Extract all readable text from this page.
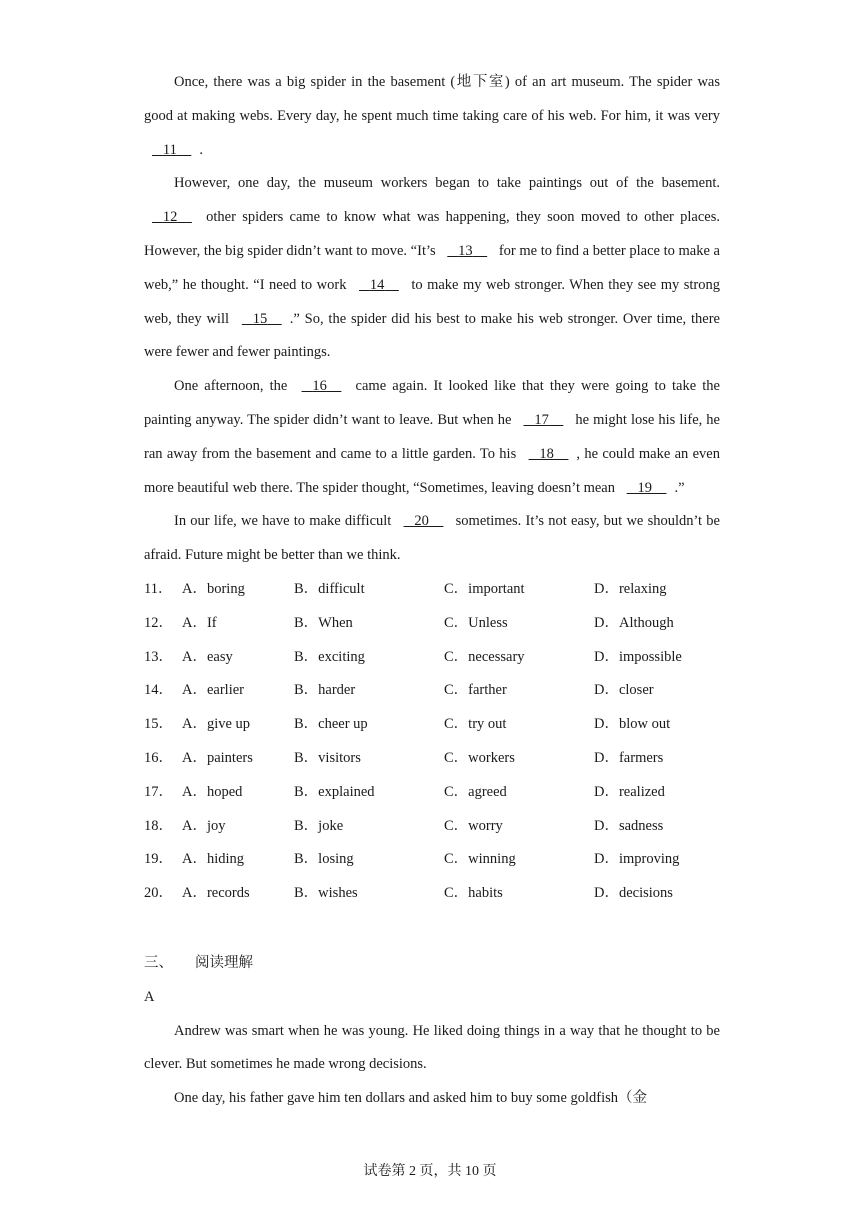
Once, there was a big spider in the basement (地下室) of an art museum. The spider was good at making webs. Every day, he spent much time taking care of his web. For him, it was very    11 .

However, one day, the museum workers began to take paintings out of the basement.    12     other spiders came to know what was happening, they soon moved to other places. However, the big spider didn’t want to move. “It’s    13     for me to find a better place to make a web,” he thought. “I need to work    14     to make my web stronger. When they see my strong web, they will    15 .” So, the spider did his best to make his web stronger. Over time, there were fewer and fewer paintings.

One afternoon, the    16     came again. It looked like that they were going to take the painting anyway. The spider didn’t want to leave. But when he    17     he might lose his life, he ran away from the basement and came to a little garden. To his    18 , he could make an even more beautiful web there. The spider thought, “Sometimes, leaving doesn’t mean    19 .”

In our life, we have to make difficult    20     sometimes. It’s not easy, but we shouldn’t be afraid. Future might be better than we think.

11． A．boring	B．difficult	C．important	D．relaxing
12． A．If	B．When	C．Unless	D．Although
13． A．easy	B．exciting	C．necessary	D．impossible
14． A．earlier	B．harder	C．farther	D．closer
15． A．give up	B．cheer up	C．try out	D．blow out
16． A．painters	B．visitors	C．workers	D．farmers
17． A．hoped	B．explained	C．agreed	D．realized
18． A．joy	B．joke	C．worry	D．sadness
19． A．hiding	B．losing	C．winning	D．improving
20． A．records	B．wishes	C．habits	D．decisions
三、 阅读理解
A

Andrew was smart when he was young. He liked doing things in a way that he thought to be clever. But sometimes he made wrong decisions.

One day, his father gave him ten dollars and asked him to buy some goldfish（金

试卷第 2 页，共 10 页
